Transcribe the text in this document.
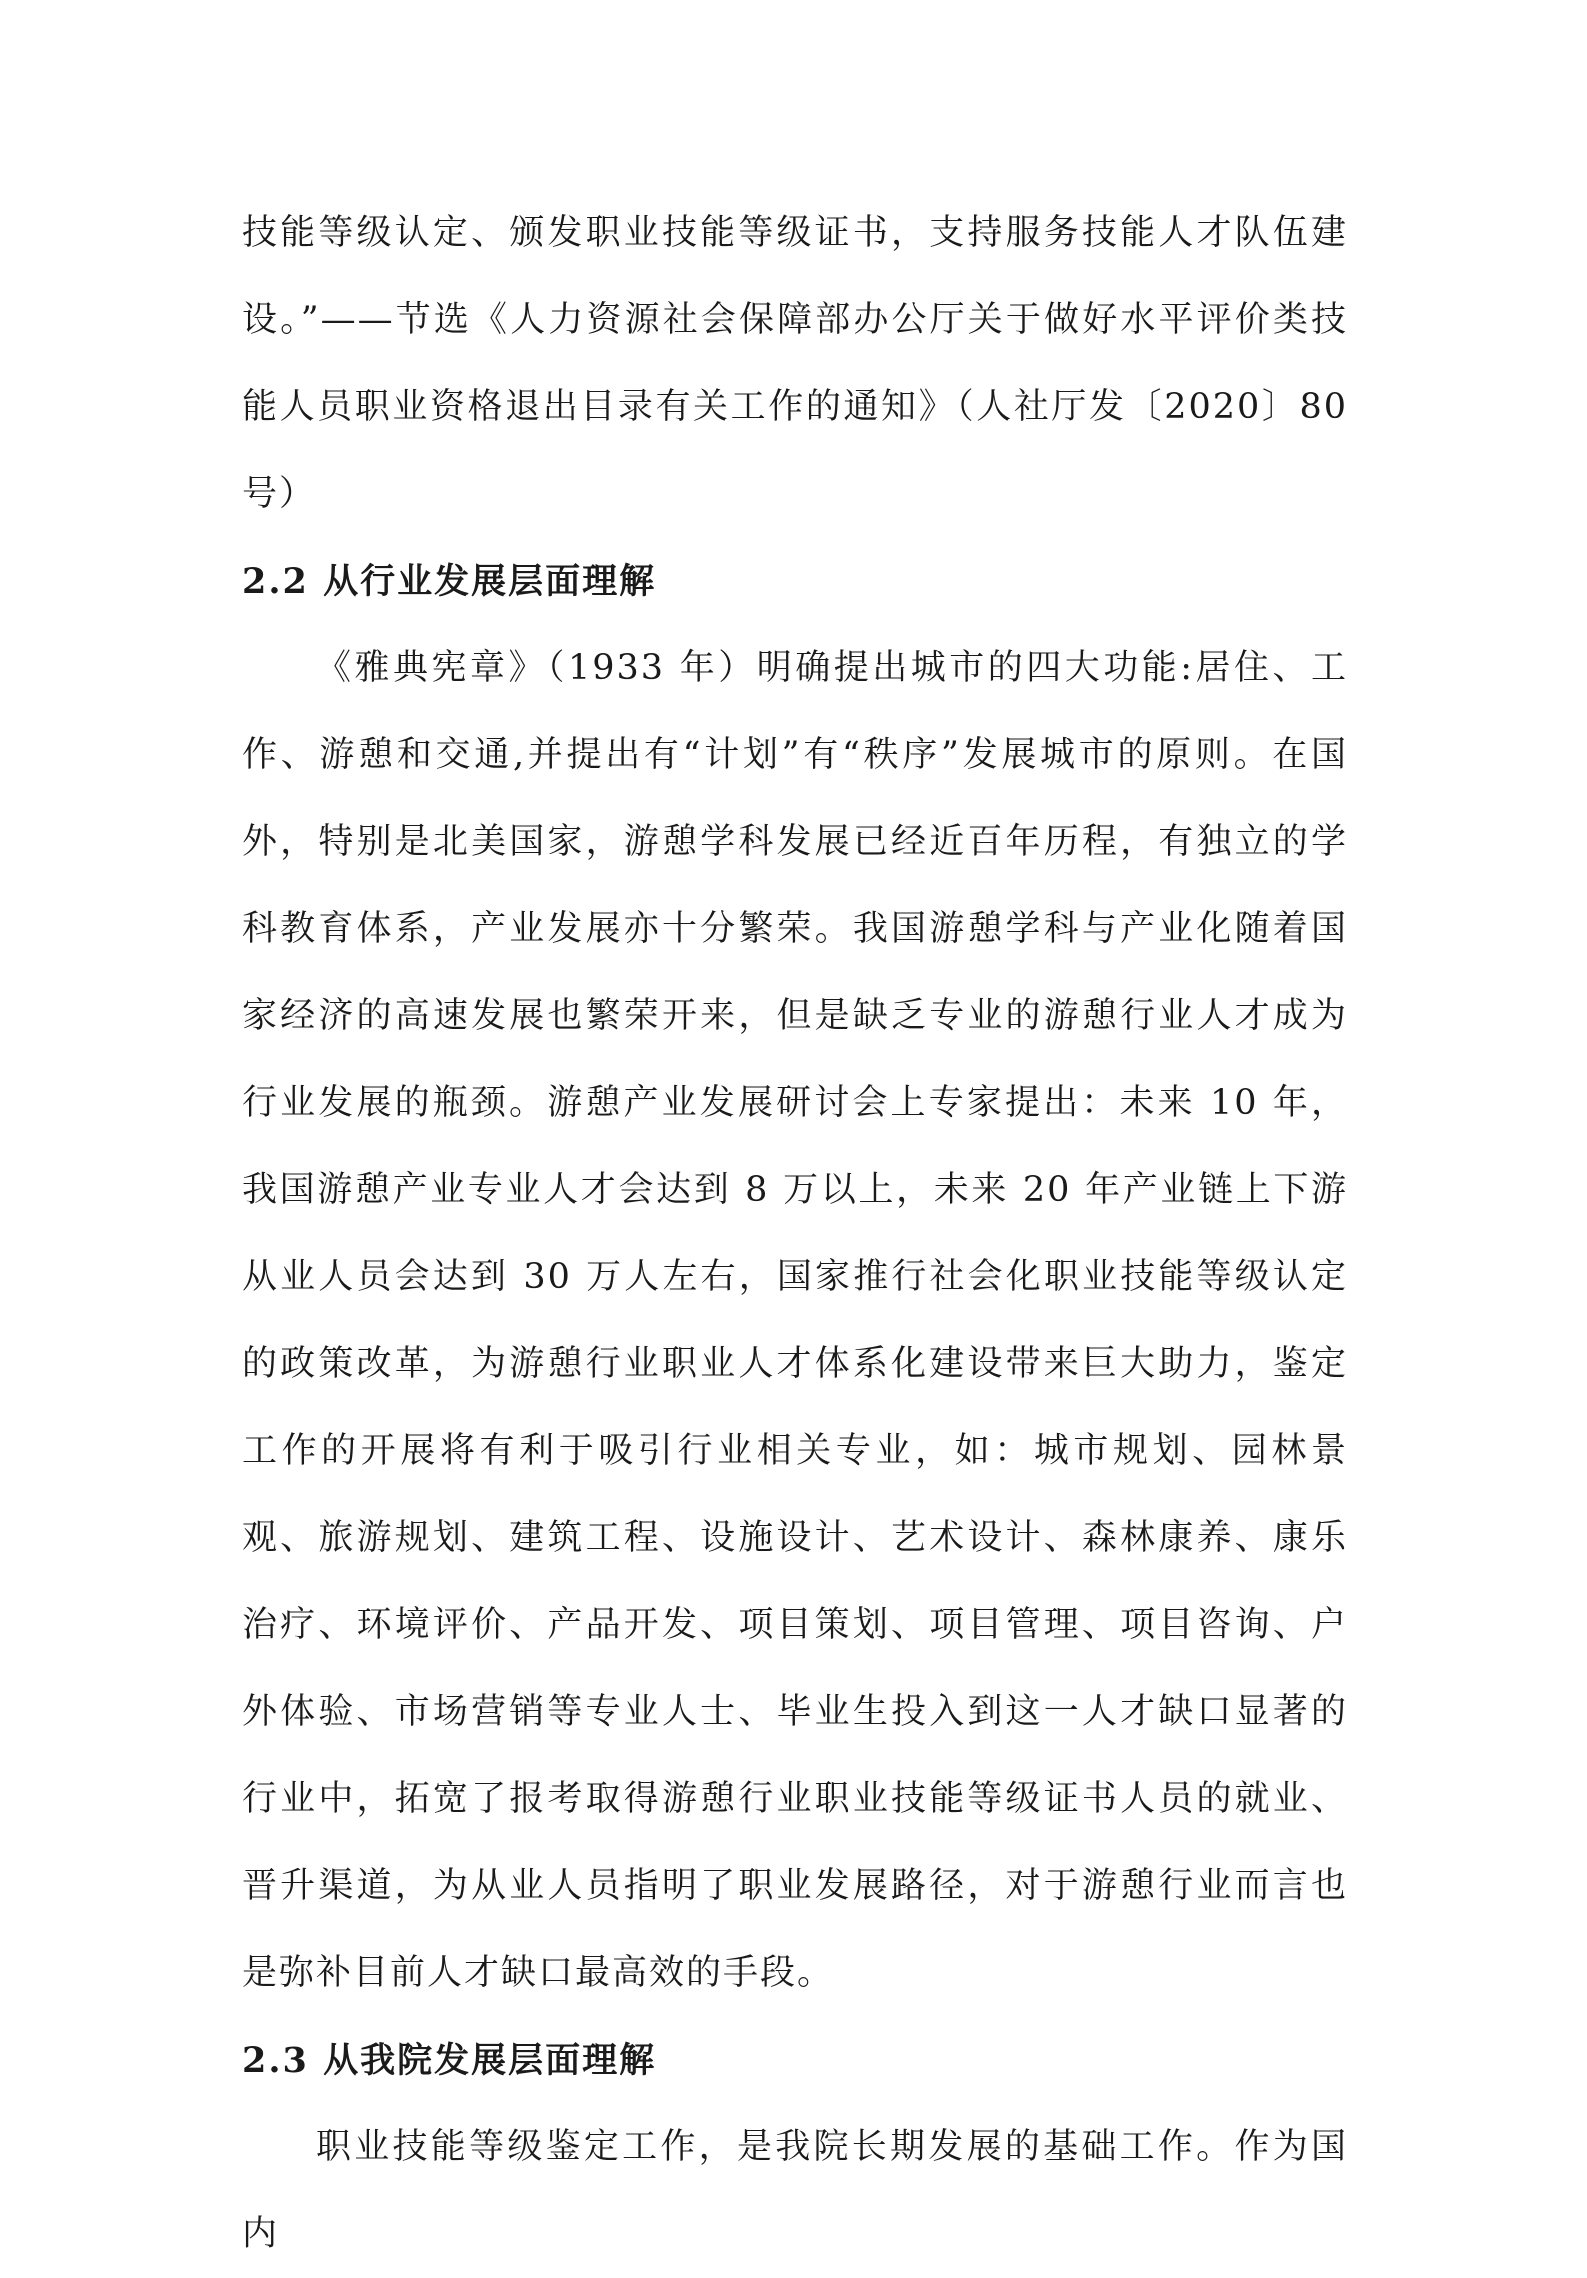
技能等级认定、颁发职业技能等级证书，支持服务技能人才队伍建设。”——节选《人力资源社会保障部办公厅关于做好水平评价类技能人员职业资格退出目录有关工作的通知》（人社厅发〔2020〕80号）

2.2 从行业发展层面理解

《雅典宪章》（1933 年）明确提出城市的四大功能:居住、工作、游憩和交通,并提出有“计划”有“秩序”发展城市的原则。在国外，特别是北美国家，游憩学科发展已经近百年历程，有独立的学科教育体系，产业发展亦十分繁荣。我国游憩学科与产业化随着国家经济的高速发展也繁荣开来，但是缺乏专业的游憩行业人才成为行业发展的瓶颈。游憩产业发展研讨会上专家提出：未来 10 年，我国游憩产业专业人才会达到 8 万以上，未来 20 年产业链上下游从业人员会达到 30 万人左右，国家推行社会化职业技能等级认定的政策改革，为游憩行业职业人才体系化建设带来巨大助力，鉴定工作的开展将有利于吸引行业相关专业，如：城市规划、园林景观、旅游规划、建筑工程、设施设计、艺术设计、森林康养、康乐治疗、环境评价、产品开发、项目策划、项目管理、项目咨询、户外体验、市场营销等专业人士、毕业生投入到这一人才缺口显著的行业中，拓宽了报考取得游憩行业职业技能等级证书人员的就业、晋升渠道，为从业人员指明了职业发展路径，对于游憩行业而言也是弥补目前人才缺口最高效的手段。

2.3 从我院发展层面理解

职业技能等级鉴定工作，是我院长期发展的基础工作。作为国内
